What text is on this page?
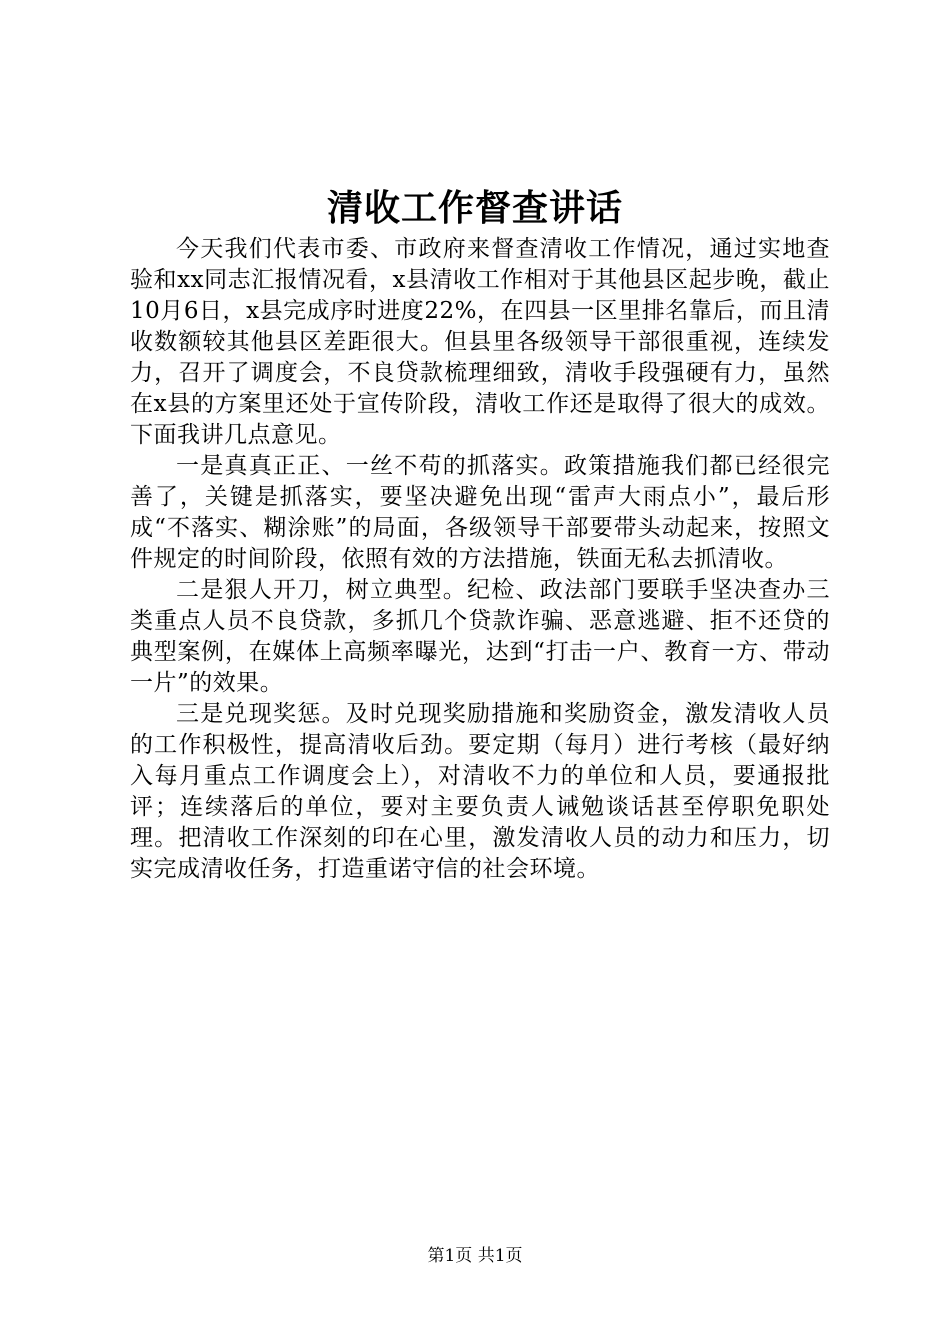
清收工作督查讲话

今天我们代表市委、市政府来督查清收工作情况，通过实地查验和xx同志汇报情况看，x县清收工作相对于其他县区起步晚，截止10月6日，x县完成序时进度22%，在四县一区里排名靠后，而且清收数额较其他县区差距很大。但县里各级领导干部很重视，连续发力，召开了调度会，不良贷款梳理细致，清收手段强硬有力，虽然在x县的方案里还处于宣传阶段，清收工作还是取得了很大的成效。下面我讲几点意见。

一是真真正正、一丝不苟的抓落实。政策措施我们都已经很完善了，关键是抓落实，要坚决避免出现“雷声大雨点小”，最后形成“不落实、糊涂账”的局面，各级领导干部要带头动起来，按照文件规定的时间阶段，依照有效的方法措施，铁面无私去抓清收。

二是狠人开刀，树立典型。纪检、政法部门要联手坚决查办三类重点人员不良贷款，多抓几个贷款诈骗、恶意逃避、拒不还贷的典型案例，在媒体上高频率曝光，达到“打击一户、教育一方、带动一片”的效果。

三是兑现奖惩。及时兑现奖励措施和奖励资金，激发清收人员的工作积极性，提高清收后劲。要定期（每月）进行考核（最好纳入每月重点工作调度会上），对清收不力的单位和人员，要通报批评；连续落后的单位，要对主要负责人诫勉谈话甚至停职免职处理。把清收工作深刻的印在心里，激发清收人员的动力和压力，切实完成清收任务，打造重诺守信的社会环境。

第1页 共1页
